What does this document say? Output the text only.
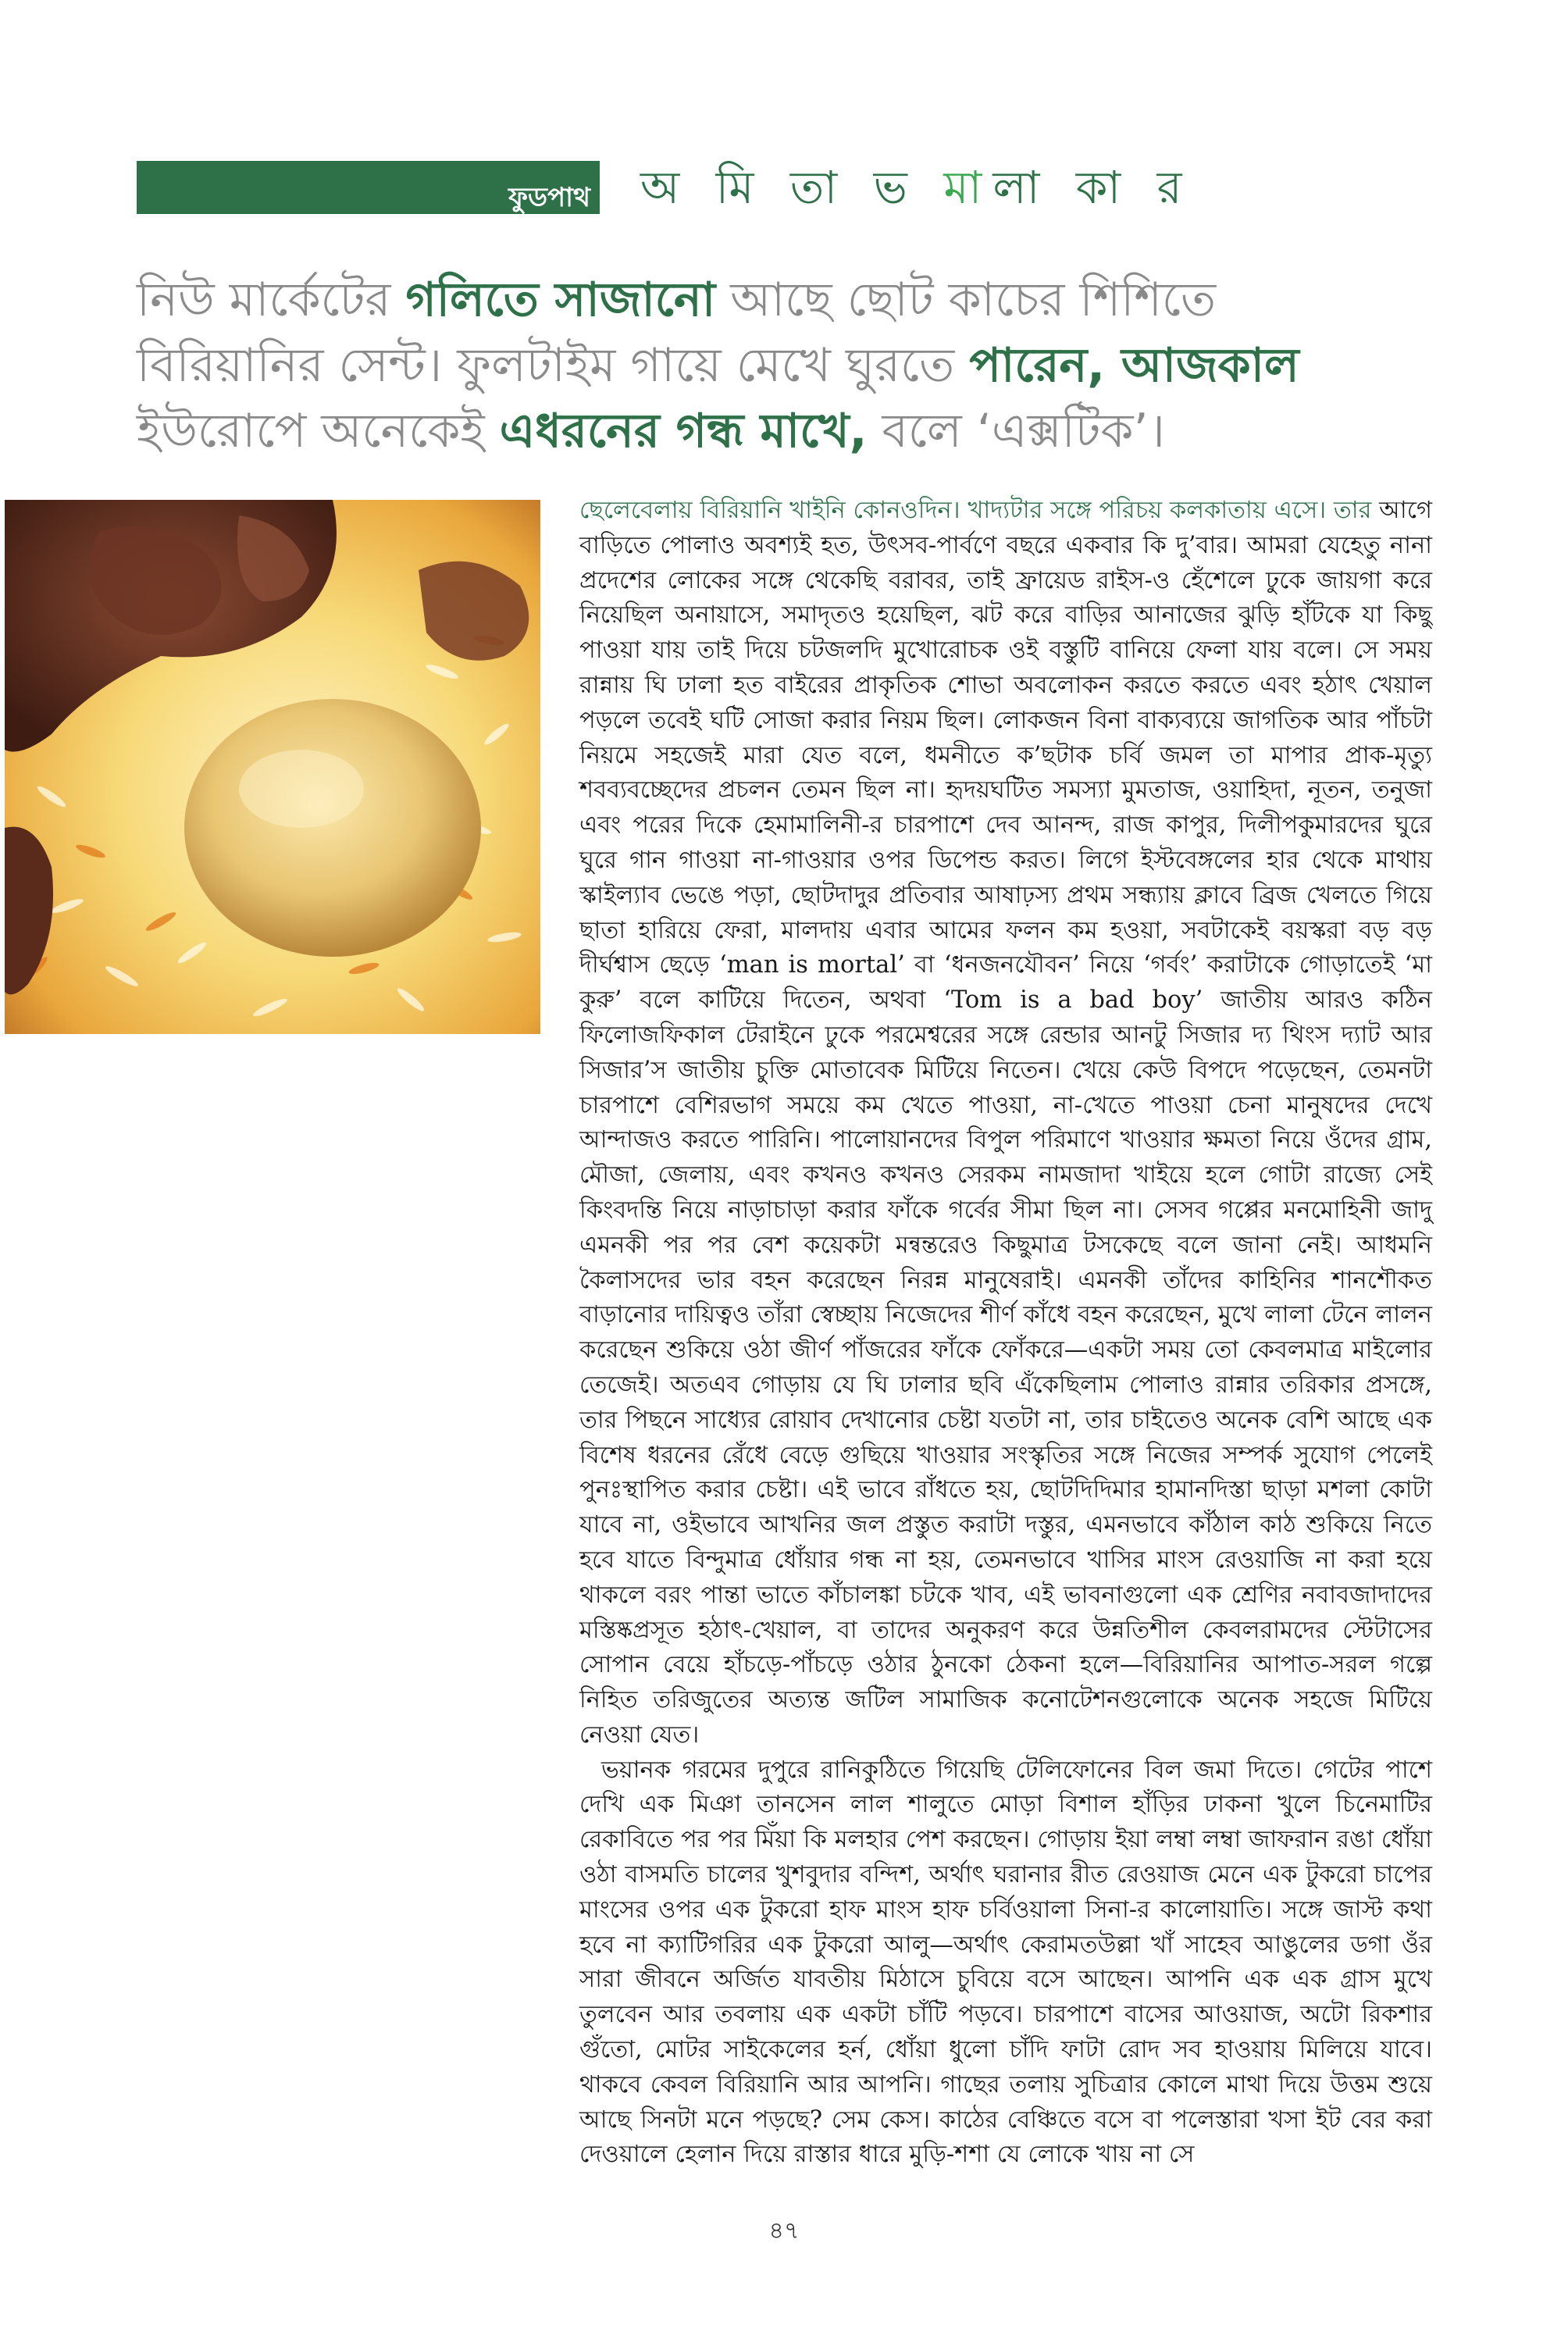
ফুডপাথ অ মি তা ভ মালা কা র

নিউ মার্কেটের গলিতে সাজানো আছে ছোট কাচের শিশিতে বিরিয়ানির সেন্ট। ফুলটাইম গায়ে মেখে ঘুরতে পারেন, আজকাল ইউরোপে অনেকেই এধরনের গন্ধ মাখে, বলে ‘এক্সটিক’।

ছেলেবেলায় বিরিয়ানি খাইনি কোনওদিন। খাদ্যটার সঙ্গে পরিচয় কলকাতায় এসে। তার আগে বাড়িতে পোলাও অবশ্যই হত, উৎসব-পার্বণে বছরে একবার কি দু’বার। আমরা যেহেতু নানা প্রদেশের লোকের সঙ্গে থেকেছি বরাবর, তাই ফ্রায়েড রাইস-ও হেঁশেলে ঢুকে জায়গা করে নিয়েছিল অনায়াসে, সমাদৃতও হয়েছিল, ঝট করে বাড়ির আনাজের ঝুড়ি হাঁটকে যা কিছু পাওয়া যায় তাই দিয়ে চটজলদি মুখোরোচক ওই বস্তুটি বানিয়ে ফেলা যায় বলে। সে সময় রান্নায় ঘি ঢালা হত বাইরের প্রাকৃতিক শোভা অবলোকন করতে করতে এবং হঠাৎ খেয়াল পড়লে তবেই ঘটি সোজা করার নিয়ম ছিল। লোকজন বিনা বাক্যব্যয়ে জাগতিক আর পাঁচটা নিয়মে সহজেই মারা যেত বলে, ধমনীতে ক’ছটাক চর্বি জমল তা মাপার প্রাক-মৃত্যু শবব্যবচ্ছেদের প্রচলন তেমন ছিল না। হৃদয়ঘটিত সমস্যা মুমতাজ, ওয়াহিদা, নূতন, তনুজা এবং পরের দিকে হেমামালিনী-র চারপাশে দেব আনন্দ, রাজ কাপুর, দিলীপকুমারদের ঘুরে ঘুরে গান গাওয়া না-গাওয়ার ওপর ডিপেন্ড করত। লিগে ইস্টবেঙ্গলের হার থেকে মাথায় স্কাইল্যাব ভেঙে পড়া, ছোটদাদুর প্রতিবার আষাঢ়স্য প্রথম সন্ধ্যায় ক্লাবে ব্রিজ খেলতে গিয়ে ছাতা হারিয়ে ফেরা, মালদায় এবার আমের ফলন কম হওয়া, সবটাকেই বয়স্করা বড় বড় দীর্ঘশ্বাস ছেড়ে ‘man is mortal’ বা ‘ধনজনযৌবন’ নিয়ে ‘গর্বং’ করাটাকে গোড়াতেই ‘মা কুরু’ বলে কাটিয়ে দিতেন, অথবা ‘Tom is a bad boy’ জাতীয় আরও কঠিন ফিলোজফিকাল টেরাইনে ঢুকে পরমেশ্বরের সঙ্গে রেন্ডার আনটু সিজার দ্য থিংস দ্যাট আর সিজার’স জাতীয় চুক্তি মোতাবেক মিটিয়ে নিতেন। খেয়ে কেউ বিপদে পড়েছেন, তেমনটা চারপাশে বেশিরভাগ সময়ে কম খেতে পাওয়া, না-খেতে পাওয়া চেনা মানুষদের দেখে আন্দাজও করতে পারিনি। পালোয়ানদের বিপুল পরিমাণে খাওয়ার ক্ষমতা নিয়ে ওঁদের গ্রাম, মৌজা, জেলায়, এবং কখনও কখনও সেরকম নামজাদা খাইয়ে হলে গোটা রাজ্যে সেই কিংবদন্তি নিয়ে নাড়াচাড়া করার ফাঁকে গর্বের সীমা ছিল না। সেসব গপ্পের মনমোহিনী জাদু এমনকী পর পর বেশ কয়েকটা মন্বন্তরেও কিছুমাত্র টসকেছে বলে জানা নেই। আধমনি কৈলাসদের ভার বহন করেছেন নিরন্ন মানুষেরাই। এমনকী তাঁদের কাহিনির শানশৌকত বাড়ানোর দায়িত্বও তাঁরা স্বেচ্ছায় নিজেদের শীর্ণ কাঁধে বহন করেছেন, মুখে লালা টেনে লালন করেছেন শুকিয়ে ওঠা জীর্ণ পাঁজরের ফাঁকে ফোঁকরে—একটা সময় তো কেবলমাত্র মাইলোর তেজেই। অতএব গোড়ায় যে ঘি ঢালার ছবি এঁকেছিলাম পোলাও রান্নার তরিকার প্রসঙ্গে, তার পিছনে সাধ্যের রোয়াব দেখানোর চেষ্টা যতটা না, তার চাইতেও অনেক বেশি আছে এক বিশেষ ধরনের রেঁধে বেড়ে গুছিয়ে খাওয়ার সংস্কৃতির সঙ্গে নিজের সম্পর্ক সুযোগ পেলেই পুনঃস্থাপিত করার চেষ্টা। এই ভাবে রাঁধতে হয়, ছোটদিদিমার হামানদিস্তা ছাড়া মশলা কোটা যাবে না, ওইভাবে আখনির জল প্রস্তুত করাটা দস্তুর, এমনভাবে কাঁঠাল কাঠ শুকিয়ে নিতে হবে যাতে বিন্দুমাত্র ধোঁয়ার গন্ধ না হয়, তেমনভাবে খাসির মাংস রেওয়াজি না করা হয়ে থাকলে বরং পান্তা ভাতে কাঁচালঙ্কা চটকে খাব, এই ভাবনাগুলো এক শ্রেণির নবাবজাদাদের মস্তিষ্কপ্রসূত হঠাৎ-খেয়াল, বা তাদের অনুকরণ করে উন্নতিশীল কেবলরামদের স্টেটাসের সোপান বেয়ে হাঁচড়ে-পাঁচড়ে ওঠার ঠুনকো ঠেকনা হলে—বিরিয়ানির আপাত-সরল গল্পে নিহিত তরিজুতের অত্যন্ত জটিল সামাজিক কনোটেশনগুলোকে অনেক সহজে মিটিয়ে নেওয়া যেত।

ভয়ানক গরমের দুপুরে রানিকুঠিতে গিয়েছি টেলিফোনের বিল জমা দিতে। গেটের পাশে দেখি এক মিঞা তানসেন লাল শালুতে মোড়া বিশাল হাঁড়ির ঢাকনা খুলে চিনেমাটির রেকাবিতে পর পর মিঁয়া কি মলহার পেশ করছেন। গোড়ায় ইয়া লম্বা লম্বা জাফরান রঙা ধোঁয়া ওঠা বাসমতি চালের খুশবুদার বন্দিশ, অর্থাৎ ঘরানার রীত রেওয়াজ মেনে এক টুকরো চাপের মাংসের ওপর এক টুকরো হাফ মাংস হাফ চর্বিওয়ালা সিনা-র কালোয়াতি। সঙ্গে জাস্ট কথা হবে না ক্যাটিগরির এক টুকরো আলু—অর্থাৎ কেরামতউল্লা খাঁ সাহেব আঙুলের ডগা ওঁর সারা জীবনে অর্জিত যাবতীয় মিঠাসে চুবিয়ে বসে আছেন। আপনি এক এক গ্রাস মুখে তুলবেন আর তবলায় এক একটা চাঁটি পড়বে। চারপাশে বাসের আওয়াজ, অটো রিকশার গুঁতো, মোটর সাইকেলের হর্ন, ধোঁয়া ধুলো চাঁদি ফাটা রোদ সব হাওয়ায় মিলিয়ে যাবে। থাকবে কেবল বিরিয়ানি আর আপনি। গাছের তলায় সুচিত্রার কোলে মাথা দিয়ে উত্তম শুয়ে আছে সিনটা মনে পড়ছে? সেম কেস। কাঠের বেঞ্চিতে বসে বা পলেস্তারা খসা ইট বের করা দেওয়ালে হেলান দিয়ে রাস্তার ধারে মুড়ি-শশা যে লোকে খায় না সে

৪৭
